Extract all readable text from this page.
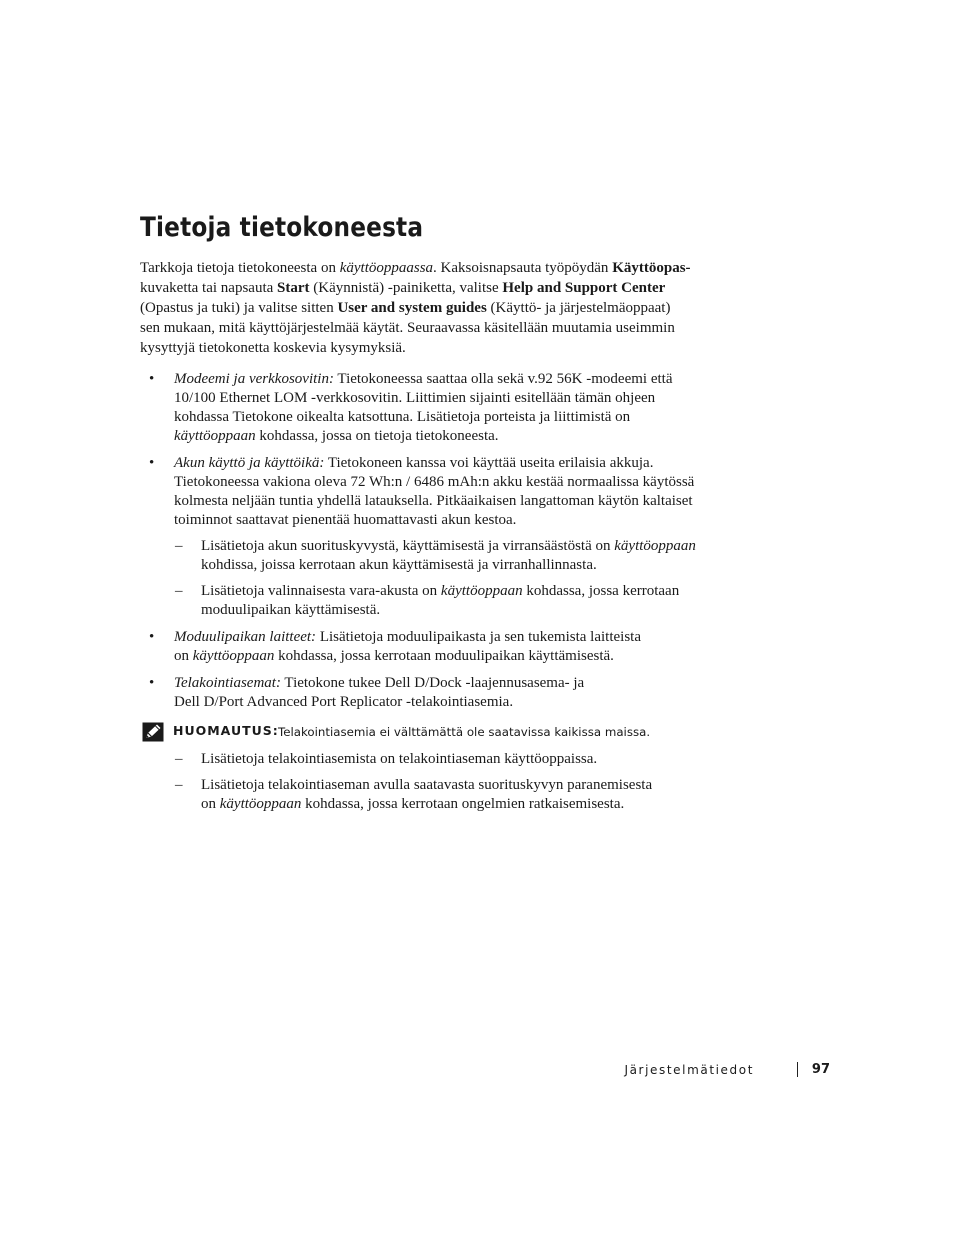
Tietoja tietokoneesta

Tarkkoja tietoja tietokoneesta on käyttöoppaassa. Kaksoisnapsauta työpöydän Käyttöopas-
kuvaketta tai napsauta Start (Käynnistä) -painiketta, valitse Help and Support Center
(Opastus ja tuki) ja valitse sitten User and system guides (Käyttö- ja järjestelmäoppaat)
sen mukaan, mitä käyttöjärjestelmää käytät. Seuraavassa käsitellään muutamia useimmin
kysyttyjä tietokonetta koskevia kysymyksiä.

• Modeemi ja verkkosovitin: Tietokoneessa saattaa olla sekä v.92 56K -modeemi että
10/100 Ethernet LOM -verkkosovitin. Liittimien sijainti esitellään tämän ohjeen
kohdassa Tietokone oikealta katsottuna. Lisätietoja porteista ja liittimistä on
käyttöoppaan kohdassa, jossa on tietoja tietokoneesta.
• Akun käyttö ja käyttöikä: Tietokoneen kanssa voi käyttää useita erilaisia akkuja.
Tietokoneessa vakiona oleva 72 Wh:n / 6486 mAh:n akku kestää normaalissa käytössä
kolmesta neljään tuntia yhdellä latauksella. Pitkäaikaisen langattoman käytön kaltaiset
toiminnot saattavat pienentää huomattavasti akun kestoa.
– Lisätietoja akun suorituskyvystä, käyttämisestä ja virransäästöstä on käyttöoppaan
kohdissa, joissa kerrotaan akun käyttämisestä ja virranhallinnasta.
– Lisätietoja valinnaisesta vara-akusta on käyttöoppaan kohdassa, jossa kerrotaan
moduulipaikan käyttämisestä.
• Moduulipaikan laitteet: Lisätietoja moduulipaikasta ja sen tukemista laitteista
on käyttöoppaan kohdassa, jossa kerrotaan moduulipaikan käyttämisestä.
• Telakointiasemat: Tietokone tukee Dell D/Dock -laajennusasema- ja
Dell D/Port Advanced Port Replicator -telakointiasemia.
HUOMAUTUS: Telakointiasemia ei välttämättä ole saatavissa kaikissa maissa.
– Lisätietoja telakointiasemista on telakointiaseman käyttöoppaissa.
– Lisätietoja telakointiaseman avulla saatavasta suorituskyvyn paranemisesta
on käyttöoppaan kohdassa, jossa kerrotaan ongelmien ratkaisemisesta.
Järjestelmätiedot	97
